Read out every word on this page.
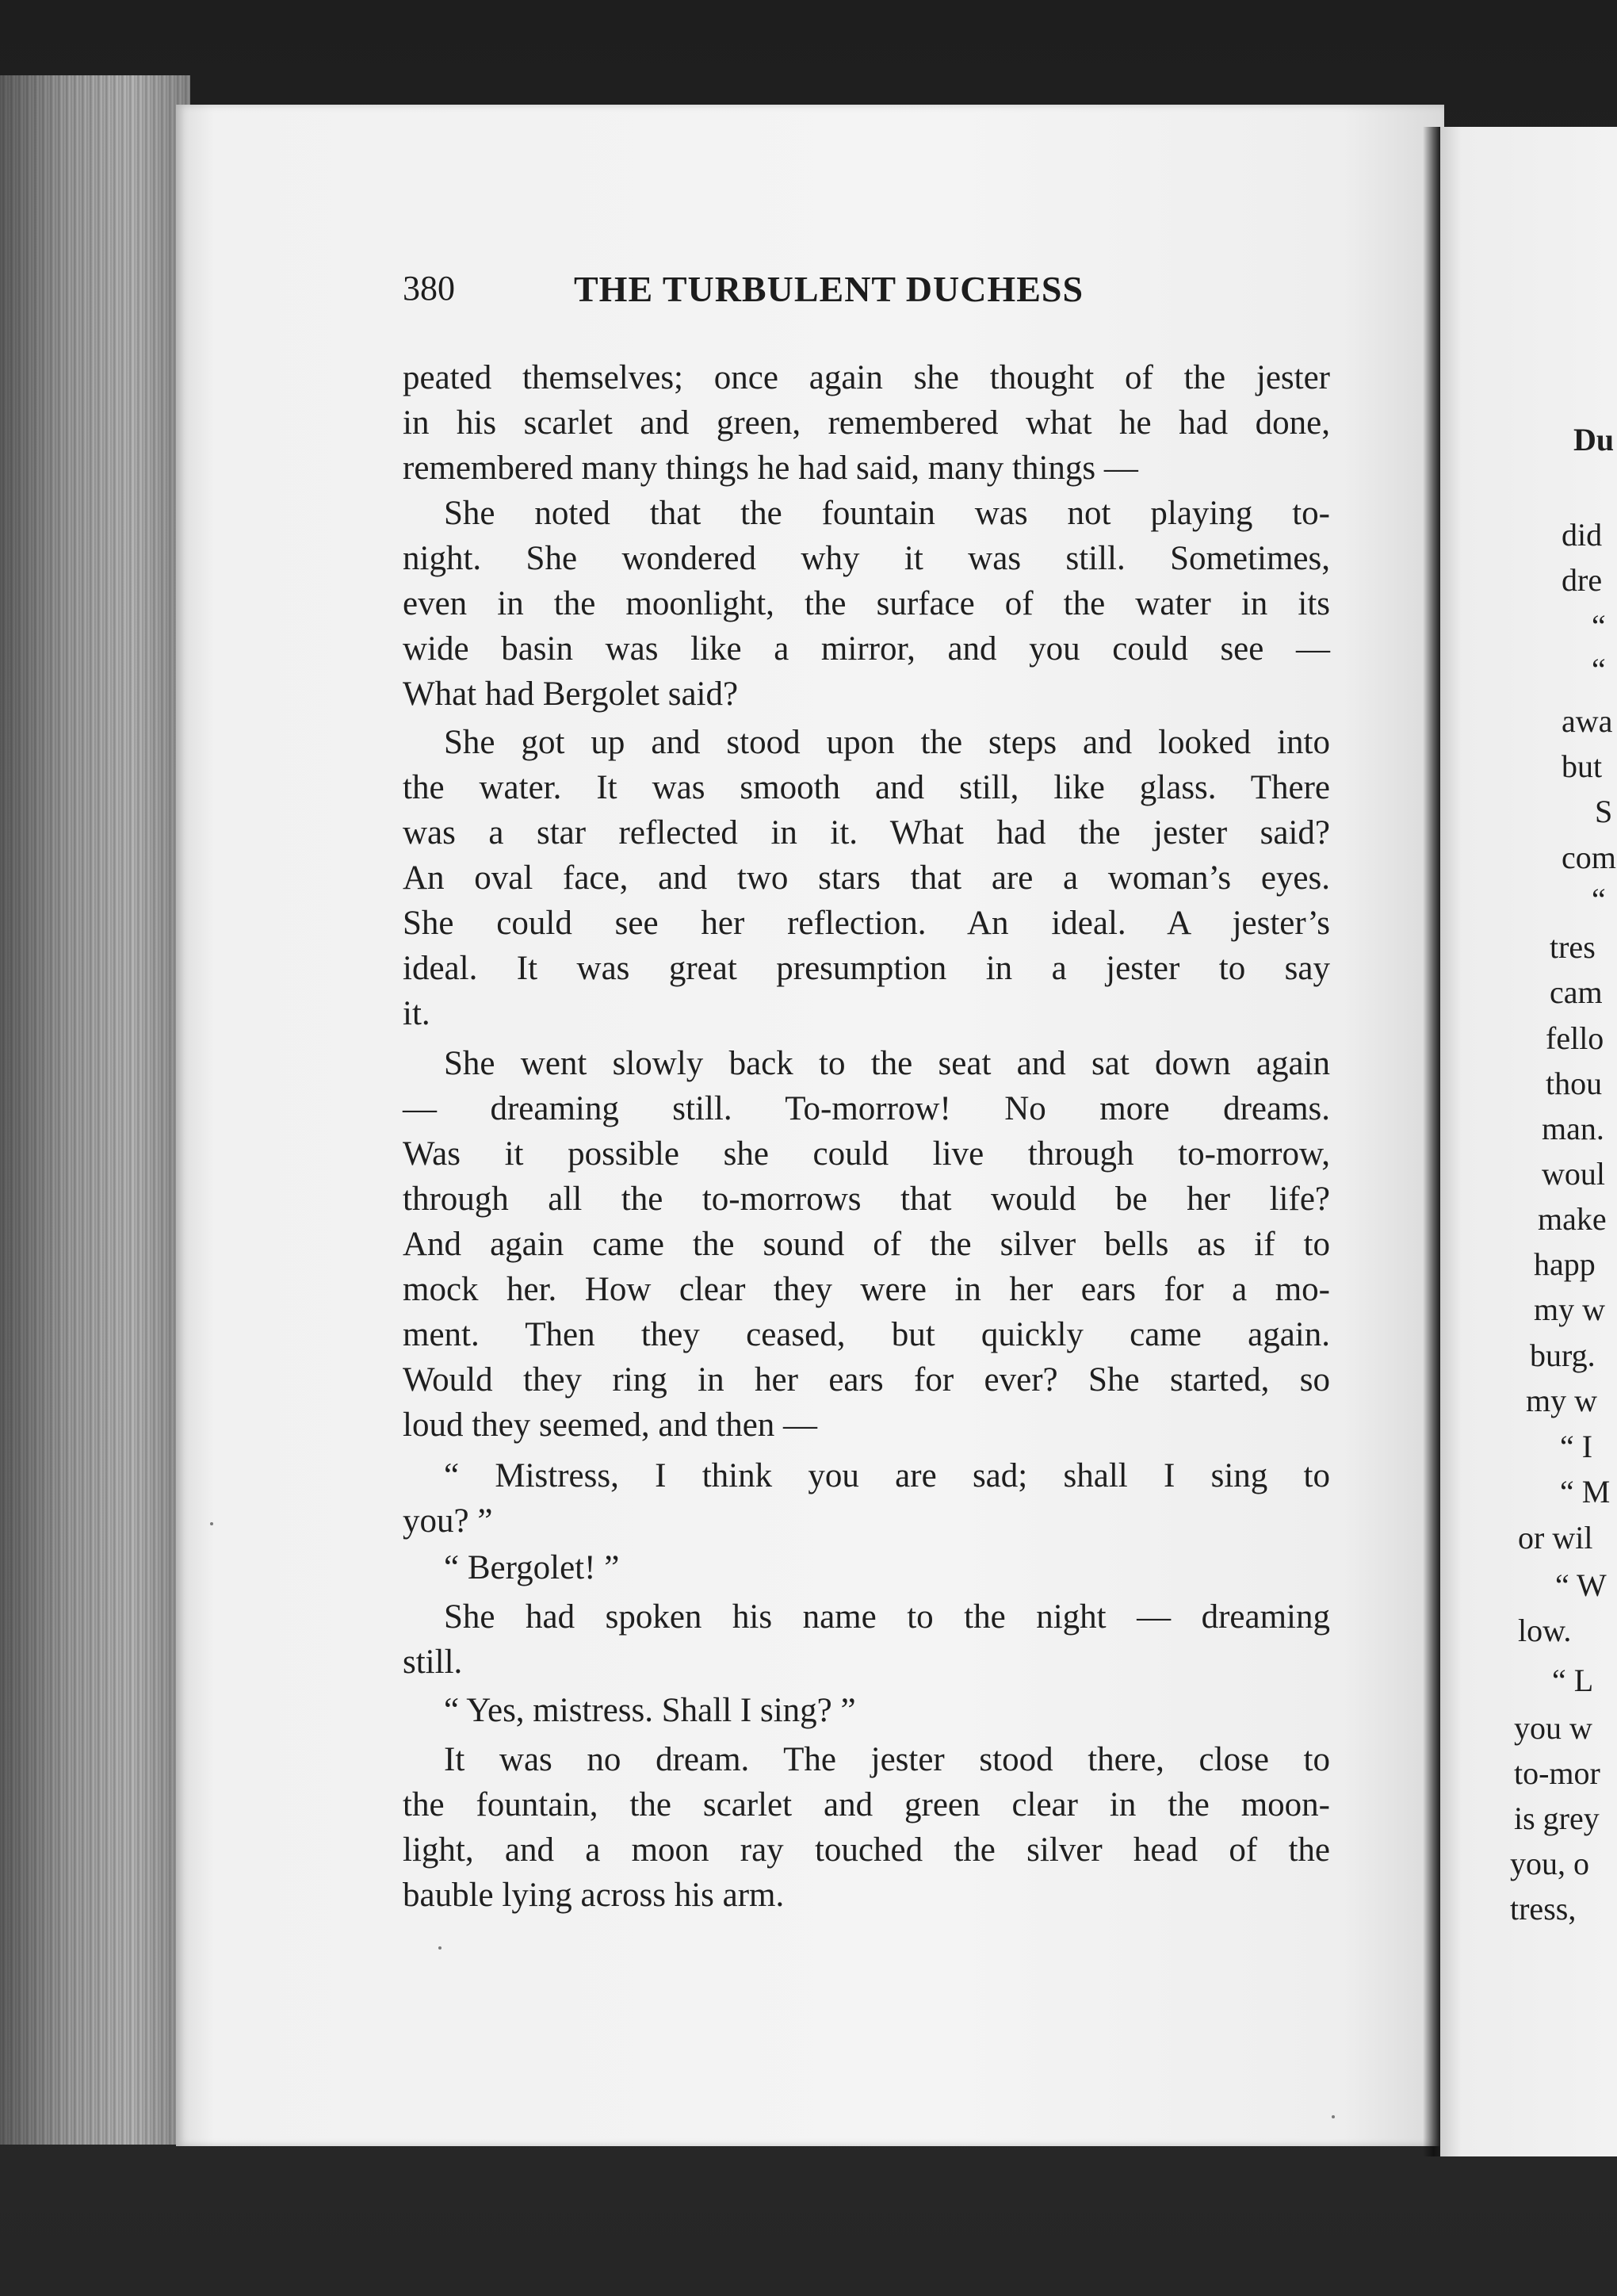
380	THE TURBULENT DUCHESS
peated themselves; once again she thought of the jester
in his scarlet and green, remembered what he had done,
remembered many things he had said, many things —
She noted that the fountain was not playing to-
night. She wondered why it was still. Sometimes,
even in the moonlight, the surface of the water in its
wide basin was like a mirror, and you could see —
What had Bergolet said?
She got up and stood upon the steps and looked into
the water. It was smooth and still, like glass. There
was a star reflected in it. What had the jester said?
An oval face, and two stars that are a woman’s eyes.
She could see her reflection. An ideal. A jester’s
ideal. It was great presumption in a jester to say
it.
She went slowly back to the seat and sat down again
— dreaming still. To-morrow! No more dreams.
Was it possible she could live through to-morrow,
through all the to-morrows that would be her life?
And again came the sound of the silver bells as if to
mock her. How clear they were in her ears for a mo-
ment. Then they ceased, but quickly came again.
Would they ring in her ears for ever? She started, so
loud they seemed, and then —
“ Mistress, I think you are sad; shall I sing to
you? ”
“ Bergolet! ”
She had spoken his name to the night — dreaming
still.
“ Yes, mistress. Shall I sing? ”
It was no dream. The jester stood there, close to
the fountain, the scarlet and green clear in the moon-
light, and a moon ray touched the silver head of the
bauble lying across his arm.
Du
did
dre
“
“
awa
but
S
com
“
tres
cam
fello
thou
man.
woul
make
happ
my w
burg.
my w
“ I
“ M
or wil
“ W
low.
“ L
you w
to-mor
is grey
you, o
tress,
